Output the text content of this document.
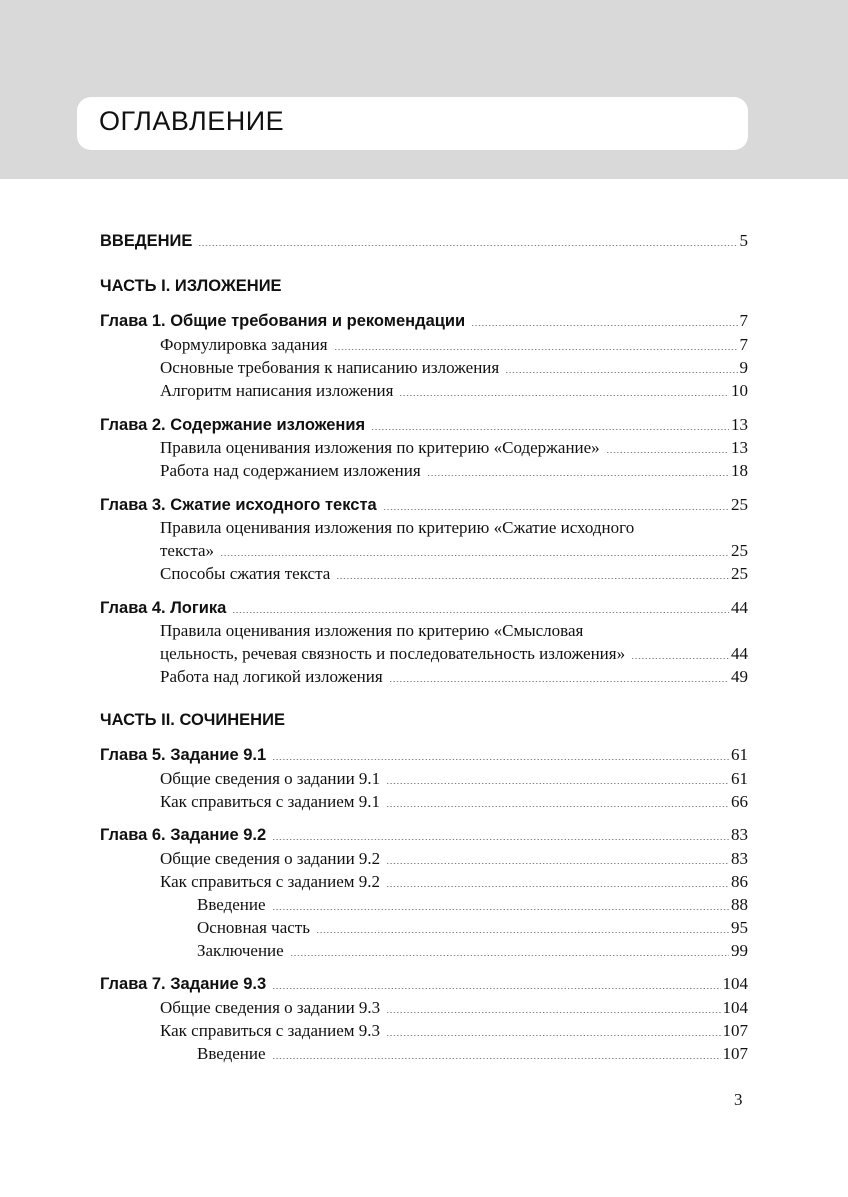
ОГЛАВЛЕНИЕ
ВВЕДЕНИЕ	5
ЧАСТЬ I. ИЗЛОЖЕНИЕ
Глава 1. Общие требования и рекомендации	7
Формулировка задания	7
Основные требования к написанию изложения	9
Алгоритм написания изложения	10
Глава 2. Содержание изложения	13
Правила оценивания изложения по критерию «Содержание»	13
Работа над содержанием изложения	18
Глава 3. Сжатие исходного текста	25
Правила оценивания изложения по критерию «Сжатие исходного
текста»	25
Способы сжатия текста	25
Глава 4. Логика	44
Правила оценивания изложения по критерию «Смысловая
цельность, речевая связность и последовательность изложения»	44
Работа над логикой изложения	49
ЧАСТЬ II. СОЧИНЕНИЕ
Глава 5. Задание 9.1	61
Общие сведения о задании 9.1	61
Как справиться с заданием 9.1	66
Глава 6. Задание 9.2	83
Общие сведения о задании 9.2	83
Как справиться с заданием 9.2	86
Введение	88
Основная часть	95
Заключение	99
Глава 7. Задание 9.3	104
Общие сведения о задании 9.3	104
Как справиться с заданием 9.3	107
Введение	107
3
